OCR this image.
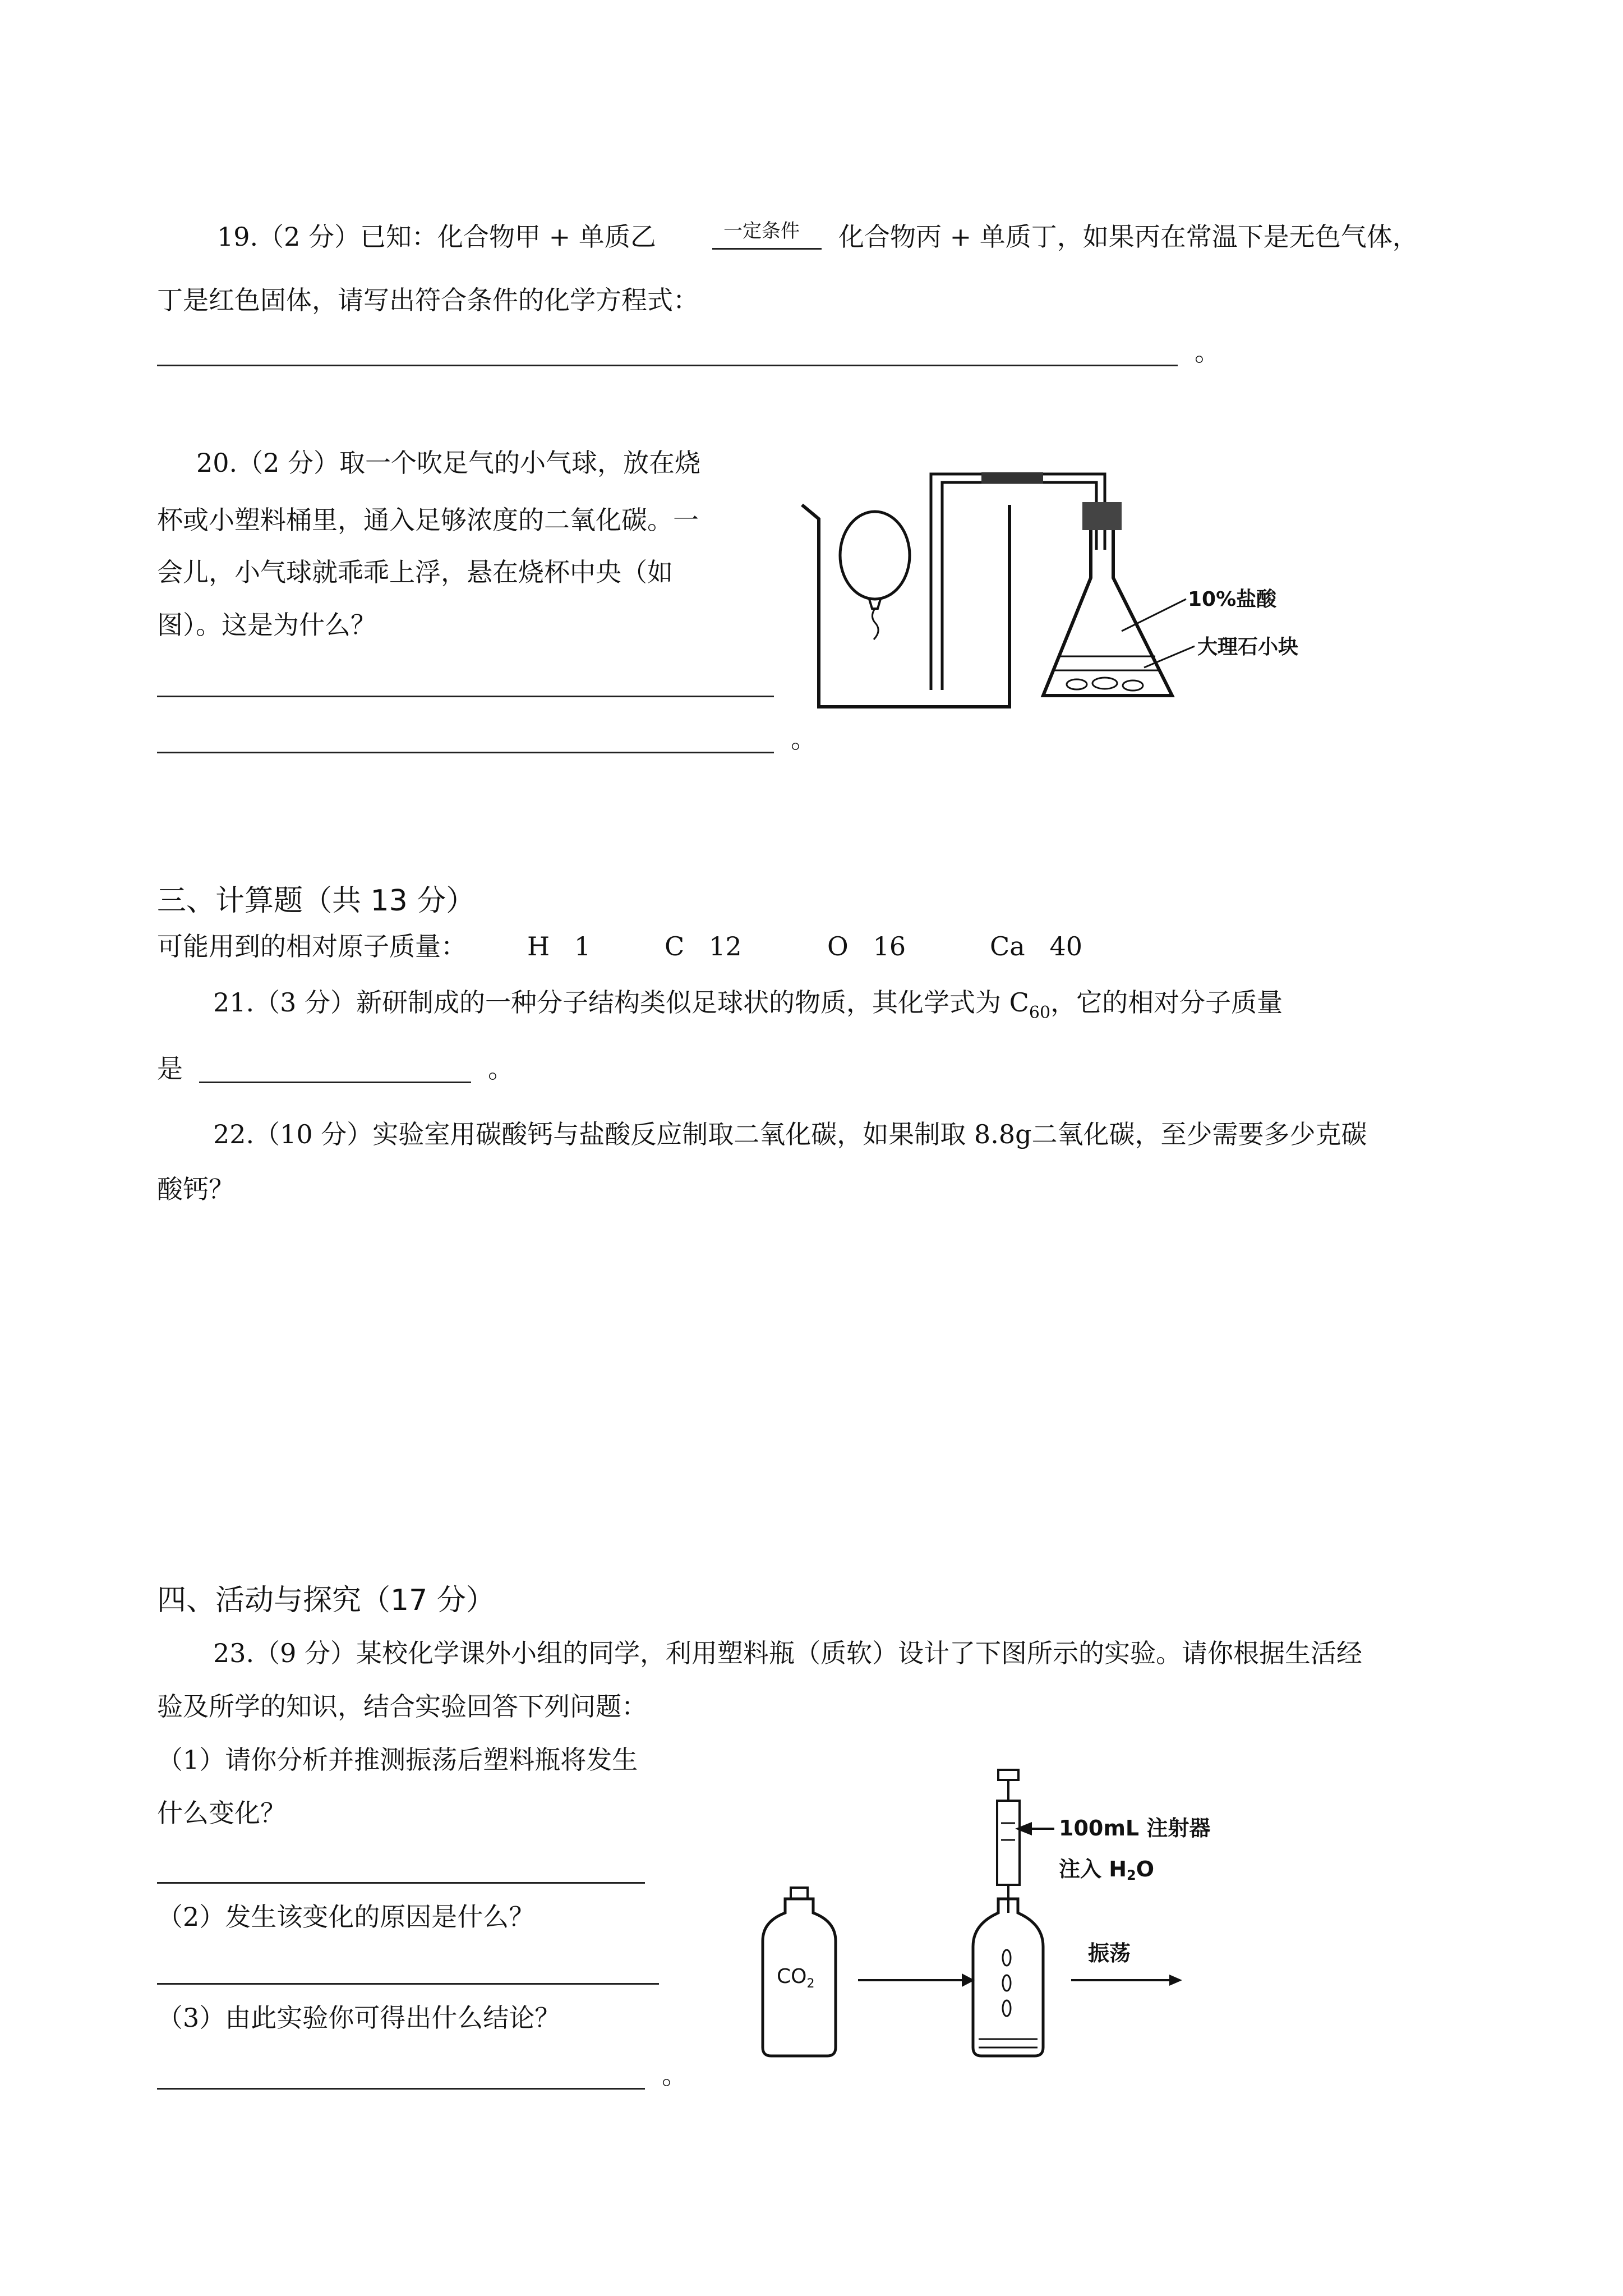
19.（2 分）已知：化合物甲 + 单质乙	一定条件 化合物丙 + 单质丁，如果丙在常温下是无色气体，
丁是红色固体，请写出符合条件的化学方程式：
。
20.（2 分）取一个吹足气的小气球，放在烧
杯或小塑料桶里，通入足够浓度的二氧化碳。一
会儿，小气球就乖乖上浮，悬在烧杯中央（如
图）。这是为什么？
。
10%盐酸
大理石小块
三、计算题（共 13 分）
可能用到的相对原子质量： H 1	C 12	O 16	Ca 40
21.（3 分）新研制成的一种分子结构类似足球状的物质，其化学式为 $C_{60}$，它的相对分子质量
是	。
22.（10 分）实验室用碳酸钙与盐酸反应制取二氧化碳，如果制取 8.8g二氧化碳，至少需要多少克碳
酸钙？
四、活动与探究（17 分）
23.（9 分）某校化学课外小组的同学，利用塑料瓶（质软）设计了下图所示的实验。请你根据生活经
验及所学的知识，结合实验回答下列问题：
（1）请你分析并推测振荡后塑料瓶将发生
什么变化？
（2）发生该变化的原因是什么？
（3）由此实验你可得出什么结论？
。
$CO_2$
100mL 注射器
注入 H2O
振荡
